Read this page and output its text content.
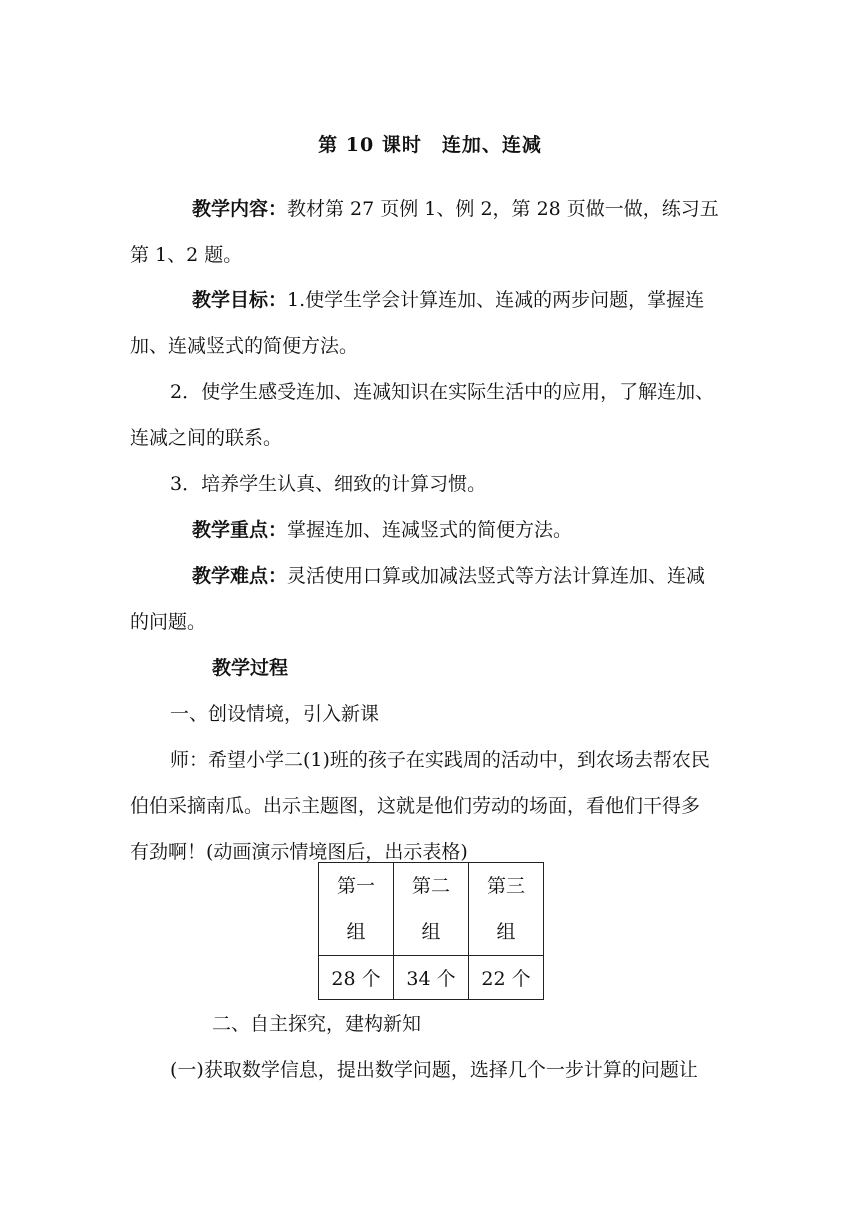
第 10 课时　连加、连减

教学内容：教材第 27 页例 1、例 2，第 28 页做一做，练习五
第 1、2 题。

教学目标：1.使学生学会计算连加、连减的两步问题，掌握连
加、连减竖式的简便方法。
2．使学生感受连加、连减知识在实际生活中的应用，了解连加、
连减之间的联系。
3．培养学生认真、细致的计算习惯。
教学重点：掌握连加、连减竖式的简便方法。
教学难点：灵活使用口算或加减法竖式等方法计算连加、连减
的问题。
教学过程
一、创设情境，引入新课
师：希望小学二(1)班的孩子在实践周的活动中，到农场去帮农民
伯伯采摘南瓜。出示主题图，这就是他们劳动的场面，看他们干得多
有劲啊！(动画演示情境图后，出示表格)

第一
组	第二
组	第三
组

28 个	34 个	22 个

二、自主探究，建构新知
(一)获取数学信息，提出数学问题，选择几个一步计算的问题让
